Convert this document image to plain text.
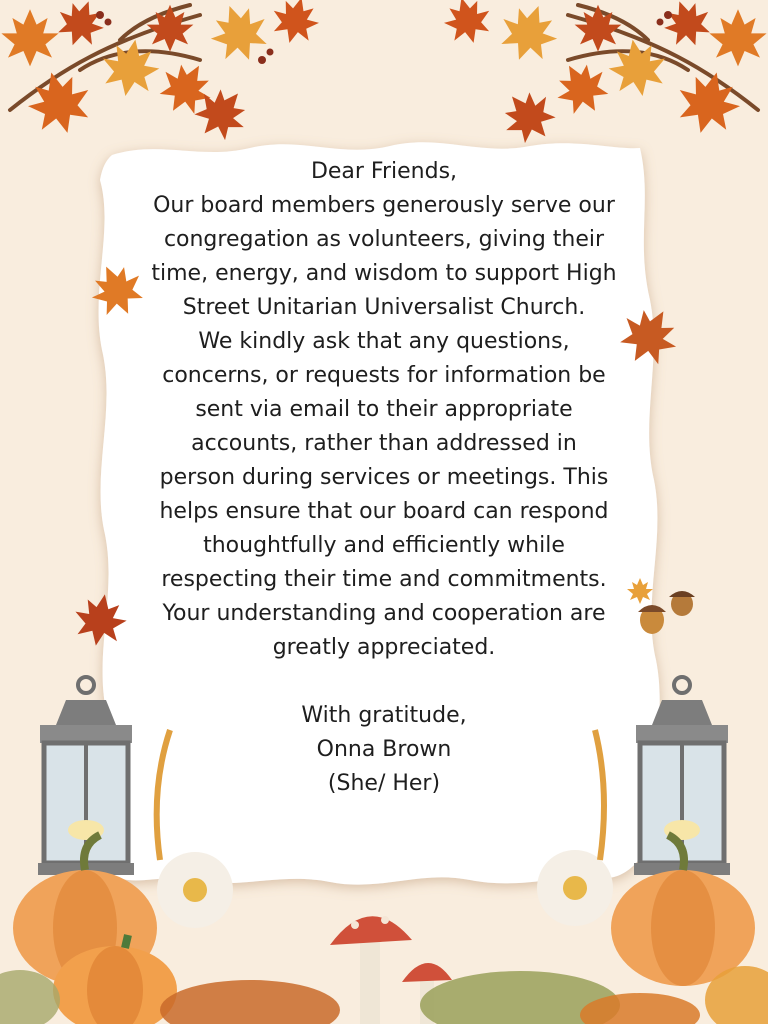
Dear Friends,

Our board members generously serve our congregation as volunteers, giving their time, energy, and wisdom to support High Street Unitarian Universalist Church.

We kindly ask that any questions, concerns, or requests for information be sent via email to their appropriate accounts, rather than addressed in person during services or meetings. This helps ensure that our board can respond thoughtfully and efficiently while respecting their time and commitments. Your understanding and cooperation are greatly appreciated.

With gratitude,

Onna Brown

(She/ Her)
